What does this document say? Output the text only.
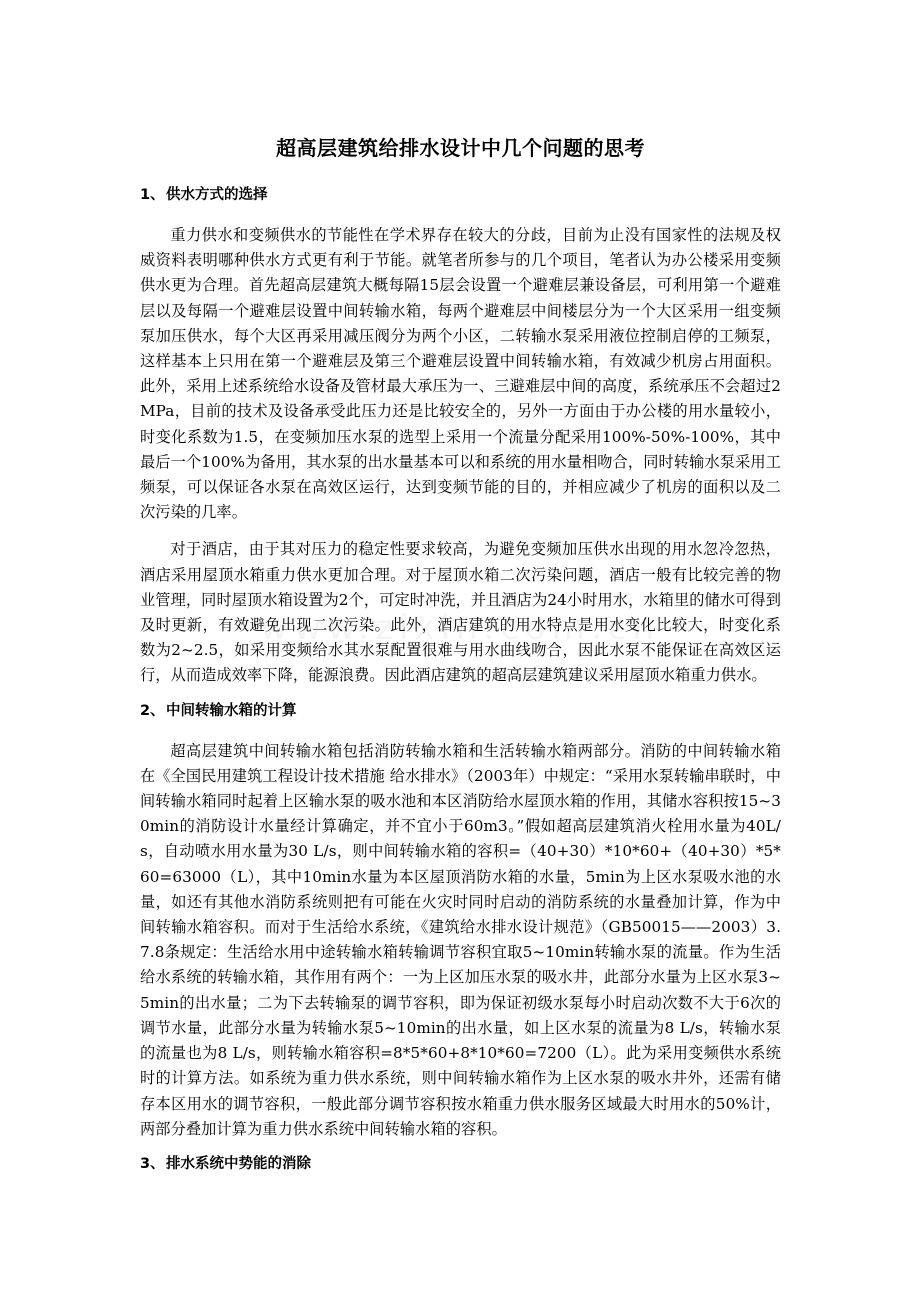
超高层建筑给排水设计中几个问题的思考
1、供水方式的选择

重力供水和变频供水的节能性在学术界存在较大的分歧，目前为止没有国家性的法规及权威资料表明哪种供水方式更有利于节能。就笔者所参与的几个项目，笔者认为办公楼采用变频供水更为合理。首先超高层建筑大概每隔15层会设置一个避难层兼设备层，可利用第一个避难层以及每隔一个避难层设置中间转输水箱，每两个避难层中间楼层分为一个大区采用一组变频泵加压供水，每个大区再采用减压阀分为两个小区，二转输水泵采用液位控制启停的工频泵，这样基本上只用在第一个避难层及第三个避难层设置中间转输水箱，有效减少机房占用面积。此外，采用上述系统给水设备及管材最大承压为一、三避难层中间的高度，系统承压不会超过2MPa，目前的技术及设备承受此压力还是比较安全的，另外一方面由于办公楼的用水量较小，时变化系数为1.5，在变频加压水泵的选型上采用一个流量分配采用100%-50%-100%，其中最后一个100%为备用，其水泵的出水量基本可以和系统的用水量相吻合，同时转输水泵采用工频泵，可以保证各水泵在高效区运行，达到变频节能的目的，并相应减少了机房的面积以及二次污染的几率。

对于酒店，由于其对压力的稳定性要求较高，为避免变频加压供水出现的用水忽冷忽热，酒店采用屋顶水箱重力供水更加合理。对于屋顶水箱二次污染问题，酒店一般有比较完善的物业管理，同时屋顶水箱设置为2个，可定时冲洗，并且酒店为24小时用水，水箱里的储水可得到及时更新，有效避免出现二次污染。此外，酒店建筑的用水特点是用水变化比较大，时变化系数为2~2.5，如采用变频给水其水泵配置很难与用水曲线吻合，因此水泵不能保证在高效区运行，从而造成效率下降，能源浪费。因此酒店建筑的超高层建筑建议采用屋顶水箱重力供水。

2、中间转输水箱的计算

超高层建筑中间转输水箱包括消防转输水箱和生活转输水箱两部分。消防的中间转输水箱在《全国民用建筑工程设计技术措施 给水排水》（2003年）中规定：“采用水泵转输串联时，中间转输水箱同时起着上区输水泵的吸水池和本区消防给水屋顶水箱的作用，其储水容积按15~30min的消防设计水量经计算确定，并不宜小于60m3。”假如超高层建筑消火栓用水量为40L/s，自动喷水用水量为30 L/s，则中间转输水箱的容积=（40+30）*10*60+（40+30）*5*60=63000（L），其中10min水量为本区屋顶消防水箱的水量，5min为上区水泵吸水池的水量，如还有其他水消防系统则把有可能在火灾时同时启动的消防系统的水量叠加计算，作为中间转输水箱容积。而对于生活给水系统，《建筑给水排水设计规范》（GB50015——2003）3.7.8条规定：生活给水用中途转输水箱转输调节容积宜取5~10min转输水泵的流量。作为生活给水系统的转输水箱，其作用有两个：一为上区加压水泵的吸水井，此部分水量为上区水泵3~5min的出水量；二为下去转输泵的调节容积，即为保证初级水泵每小时启动次数不大于6次的调节水量，此部分水量为转输水泵5~10min的出水量，如上区水泵的流量为8 L/s，转输水泵的流量也为8 L/s，则转输水箱容积=8*5*60+8*10*60=7200（L）。此为采用变频供水系统时的计算方法。如系统为重力供水系统，则中间转输水箱作为上区水泵的吸水井外，还需有储存本区用水的调节容积，一般此部分调节容积按水箱重力供水服务区域最大时用水的50%计，两部分叠加计算为重力供水系统中间转输水箱的容积。

3、排水系统中势能的消除
